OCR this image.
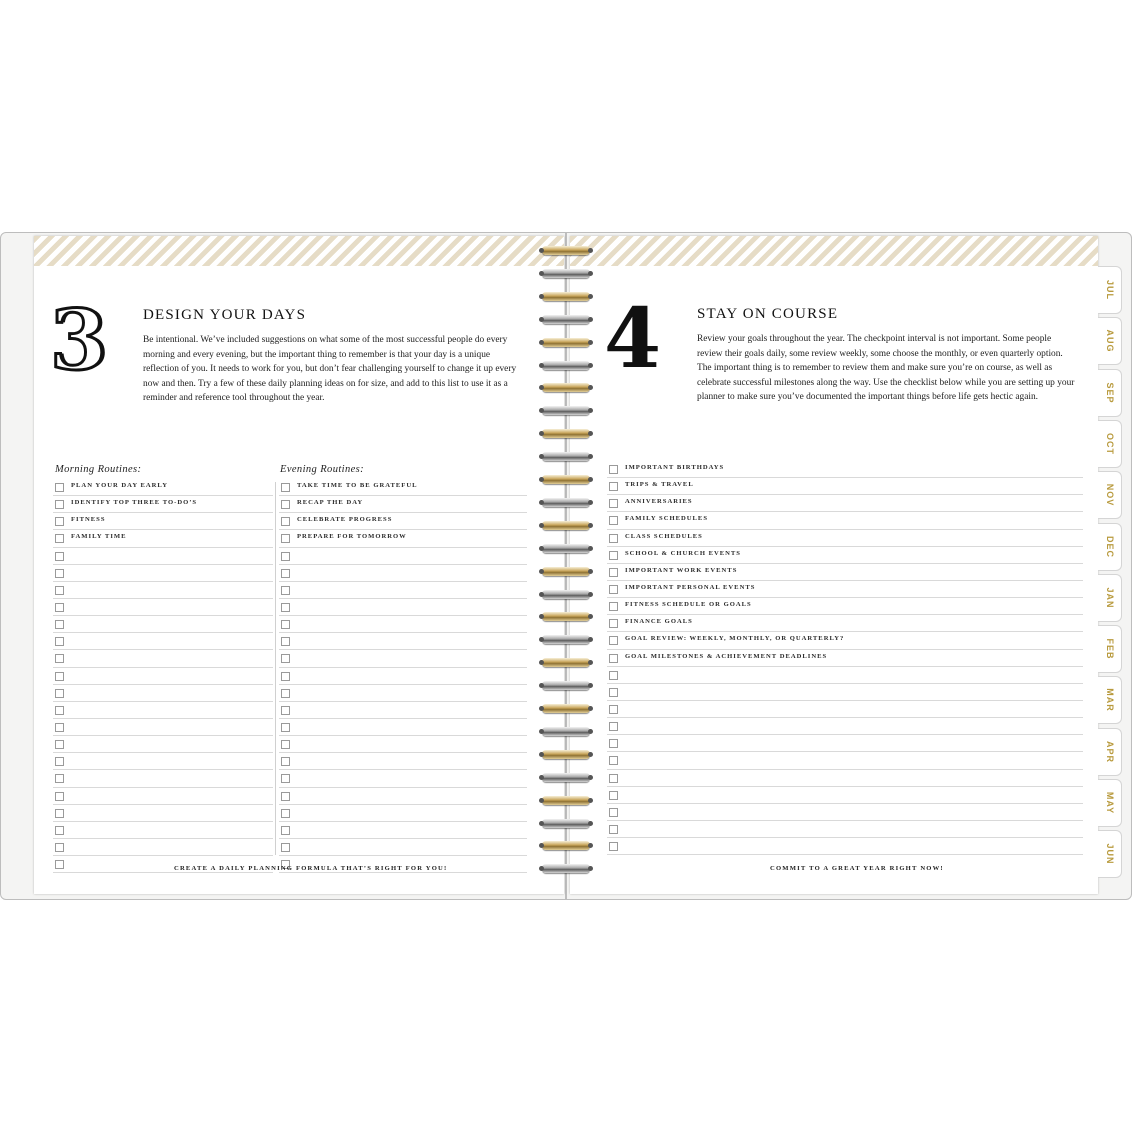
3 DESIGN YOUR DAYS
Be intentional. We’ve included suggestions on what some of the most successful people do every morning and every evening, but the important thing to remember is that your day is a unique reflection of you. It needs to work for you, but don’t fear challenging yourself to change it up every now and then. Try a few of these daily planning ideas on for size, and add to this list to use it as a reminder and reference tool throughout the year.
Morning Routines:	Evening Routines:
PLAN YOUR DAY EARLY
IDENTIFY TOP THREE TO-DO’S
FITNESS
FAMILY TIME
TAKE TIME TO BE GRATEFUL
RECAP THE DAY
CELEBRATE PROGRESS
PREPARE FOR TOMORROW
CREATE A DAILY PLANNING FORMULA THAT’S RIGHT FOR YOU!
4 STAY ON COURSE
Review your goals throughout the year. The checkpoint interval is not important. Some people review their goals daily, some review weekly, some choose the monthly, or even quarterly option. The important thing is to remember to review them and make sure you’re on course, as well as celebrate successful milestones along the way. Use the checklist below while you are setting up your planner to make sure you’ve documented the important things before life gets hectic again.
IMPORTANT BIRTHDAYS
TRIPS & TRAVEL
ANNIVERSARIES
FAMILY SCHEDULES
CLASS SCHEDULES
SCHOOL & CHURCH EVENTS
IMPORTANT WORK EVENTS
IMPORTANT PERSONAL EVENTS
FITNESS SCHEDULE OR GOALS
FINANCE GOALS
GOAL REVIEW: WEEKLY, MONTHLY, OR QUARTERLY?
GOAL MILESTONES & ACHIEVEMENT DEADLINES
COMMIT TO A GREAT YEAR RIGHT NOW!
JUL
AUG
SEP
OCT
NOV
DEC
JAN
FEB
MAR
APR
MAY
JUN
